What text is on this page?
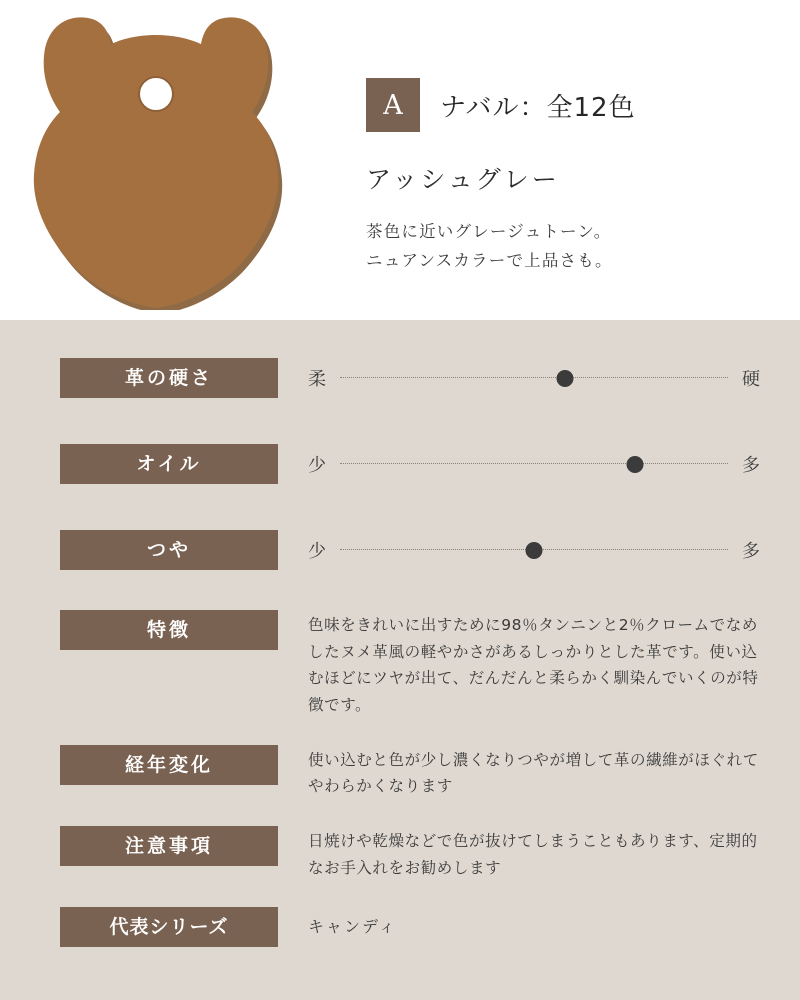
A	ナバル：全12色
アッシュグレー
茶色に近いグレージュトーン。
ニュアンスカラーで上品さも。
革の硬さ	柔	硬
オイル	少	多
つや	少	多
特徴	色味をきれいに出すために98％タンニンと2％クロームでなめしたヌメ革風の軽やかさがあるしっかりとした革です。使い込むほどにツヤが出て、だんだんと柔らかく馴染んでいくのが特徴です。

経年変化	使い込むと色が少し濃くなりつやが増して革の繊維がほぐれてやわらかくなります

注意事項	日焼けや乾燥などで色が抜けてしまうこともあります、定期的なお手入れをお勧めします

代表シリーズ	キャンディ
